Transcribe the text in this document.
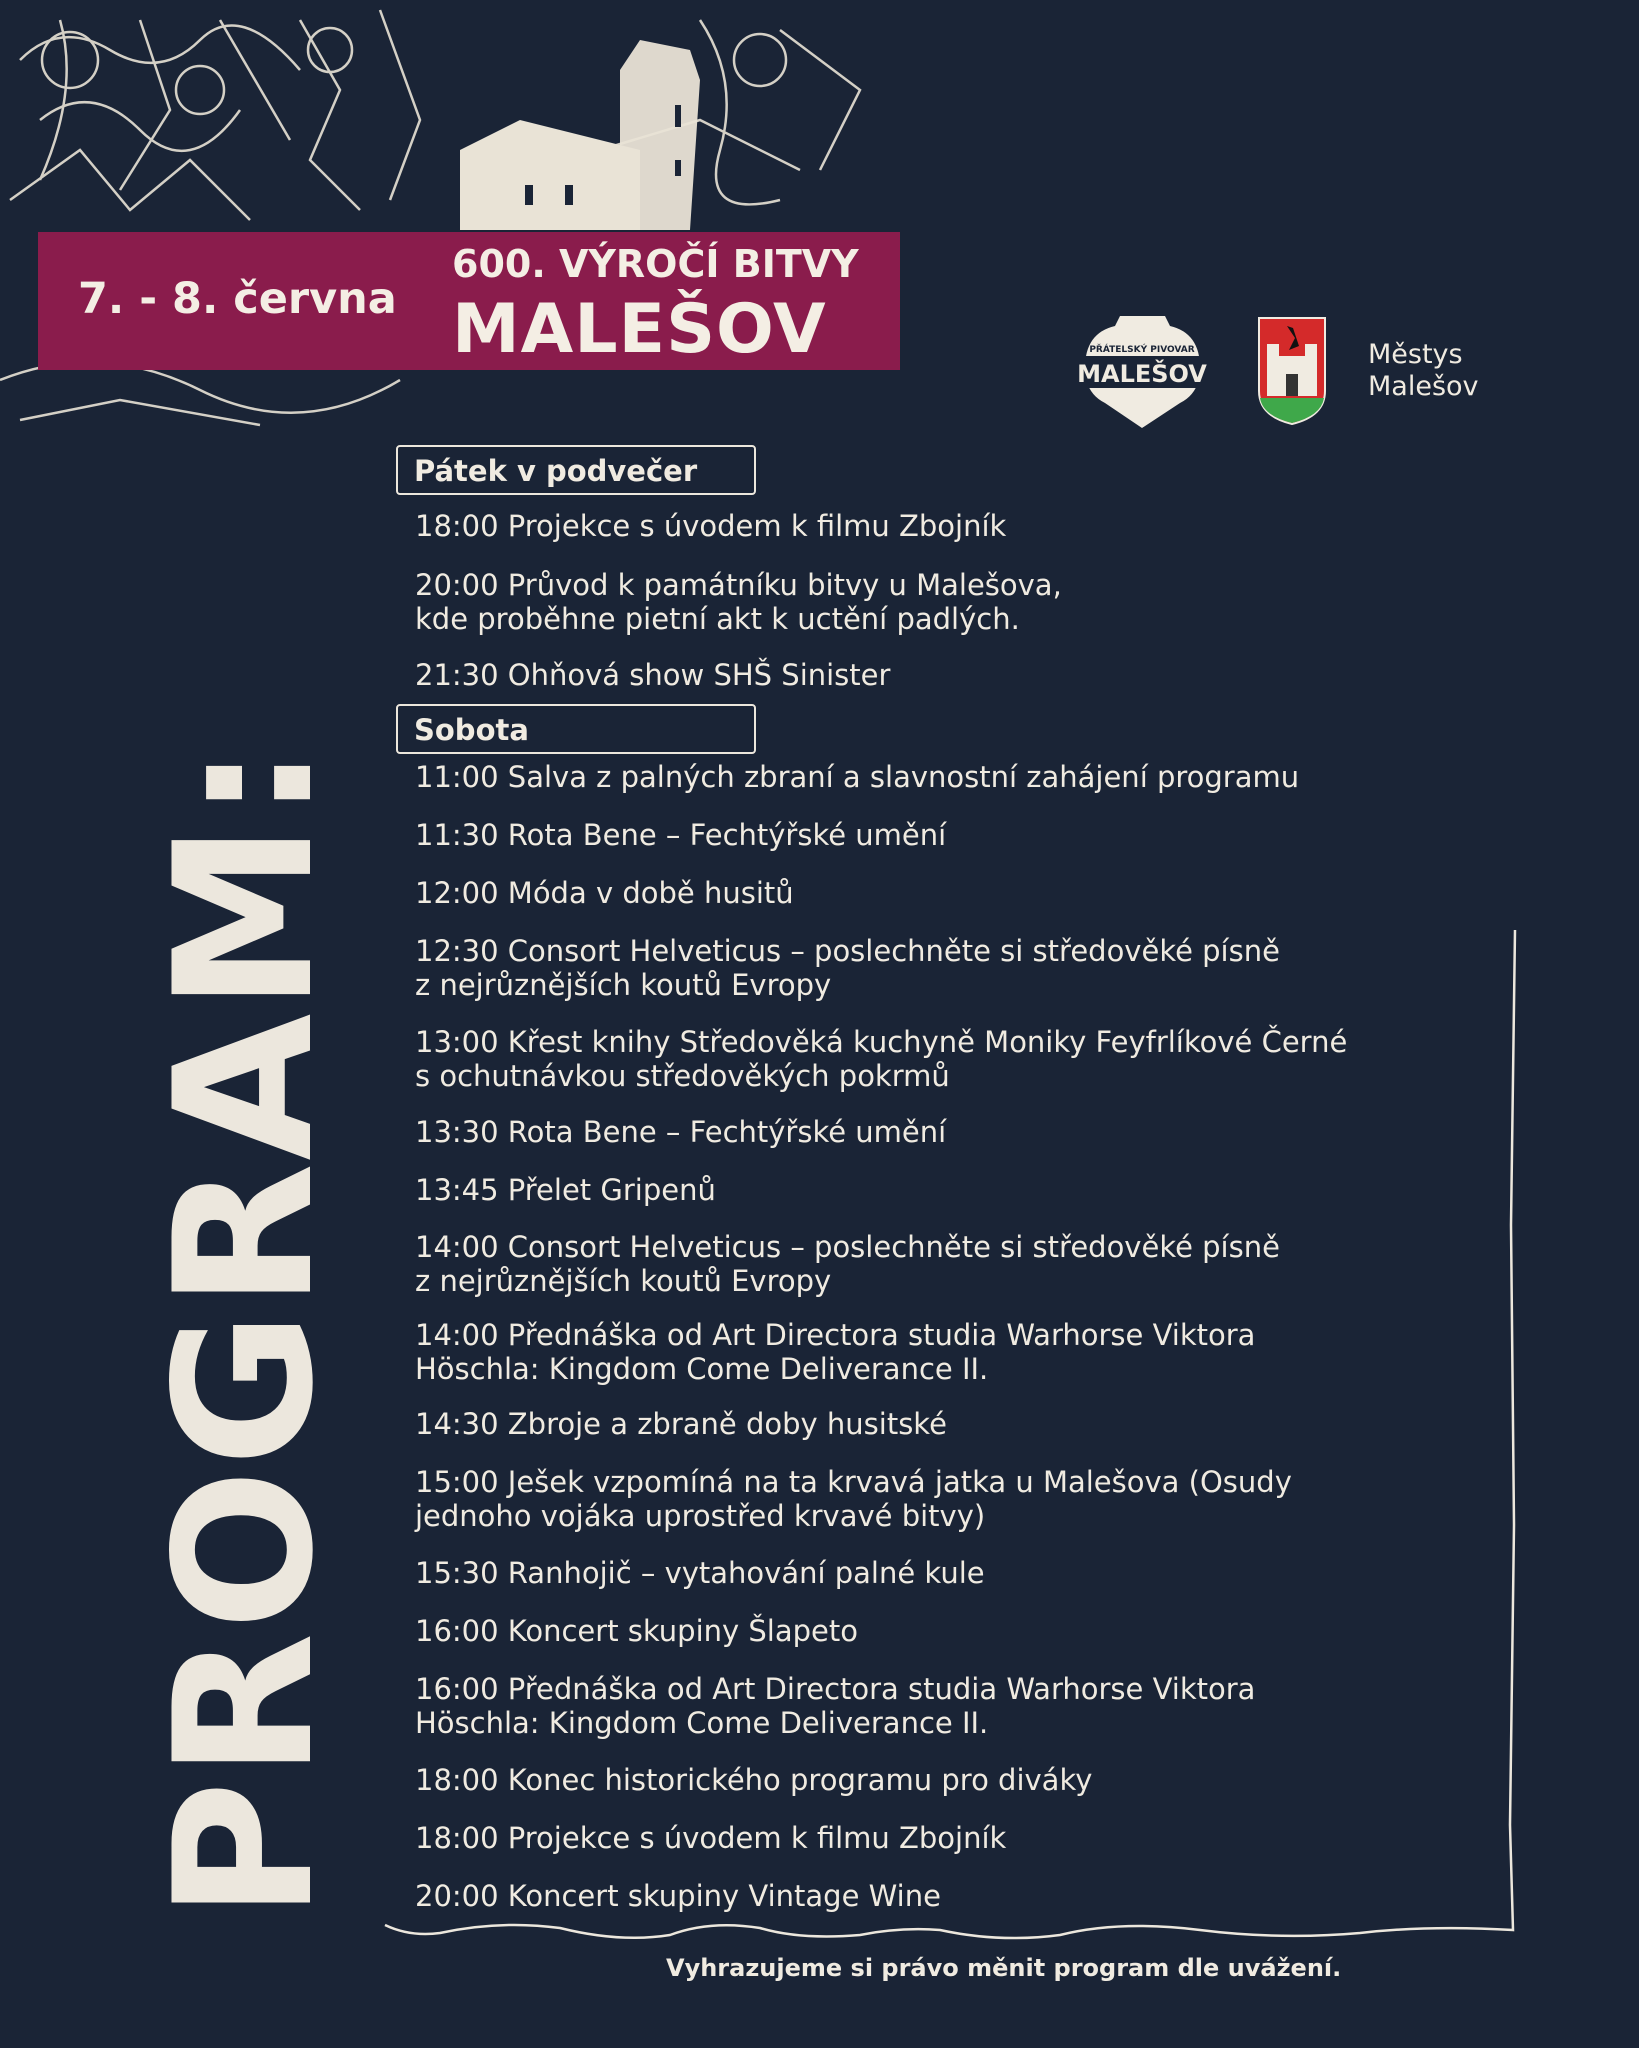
7. - 8. června
600. VÝROČÍ BITVY
MALEŠOV	PŘÁTELSKÝ PIVOVAR
MALEŠOV
Městys
Malešov
PROGRAM:
Pátek v podvečer
18:00 Projekce s úvodem k filmu Zbojník
20:00 Průvod k památníku bitvy u Malešova,
kde proběhne pietní akt k uctění padlých.
21:30 Ohňová show SHŠ Sinister
Sobota
11:00 Salva z palných zbraní a slavnostní zahájení programu
11:30 Rota Bene – Fechtýřské umění
12:00 Móda v době husitů
12:30 Consort Helveticus – poslechněte si středověké písně
z nejrůznějších koutů Evropy
13:00 Křest knihy Středověká kuchyně Moniky Feyfrlíkové Černé
s ochutnávkou středověkých pokrmů
13:30 Rota Bene – Fechtýřské umění
13:45 Přelet Gripenů
14:00 Consort Helveticus – poslechněte si středověké písně
z nejrůznějších koutů Evropy
14:00 Přednáška od Art Directora studia Warhorse Viktora
Höschla: Kingdom Come Deliverance II.
14:30 Zbroje a zbraně doby husitské
15:00 Ješek vzpomíná na ta krvavá jatka u Malešova (Osudy
jednoho vojáka uprostřed krvavé bitvy)
15:30 Ranhojič – vytahování palné kule
16:00 Koncert skupiny Šlapeto
16:00 Přednáška od Art Directora studia Warhorse Viktora
Höschla: Kingdom Come Deliverance II.
18:00 Konec historického programu pro diváky
18:00 Projekce s úvodem k filmu Zbojník
20:00 Koncert skupiny Vintage Wine
Vyhrazujeme si právo měnit program dle uvážení.
